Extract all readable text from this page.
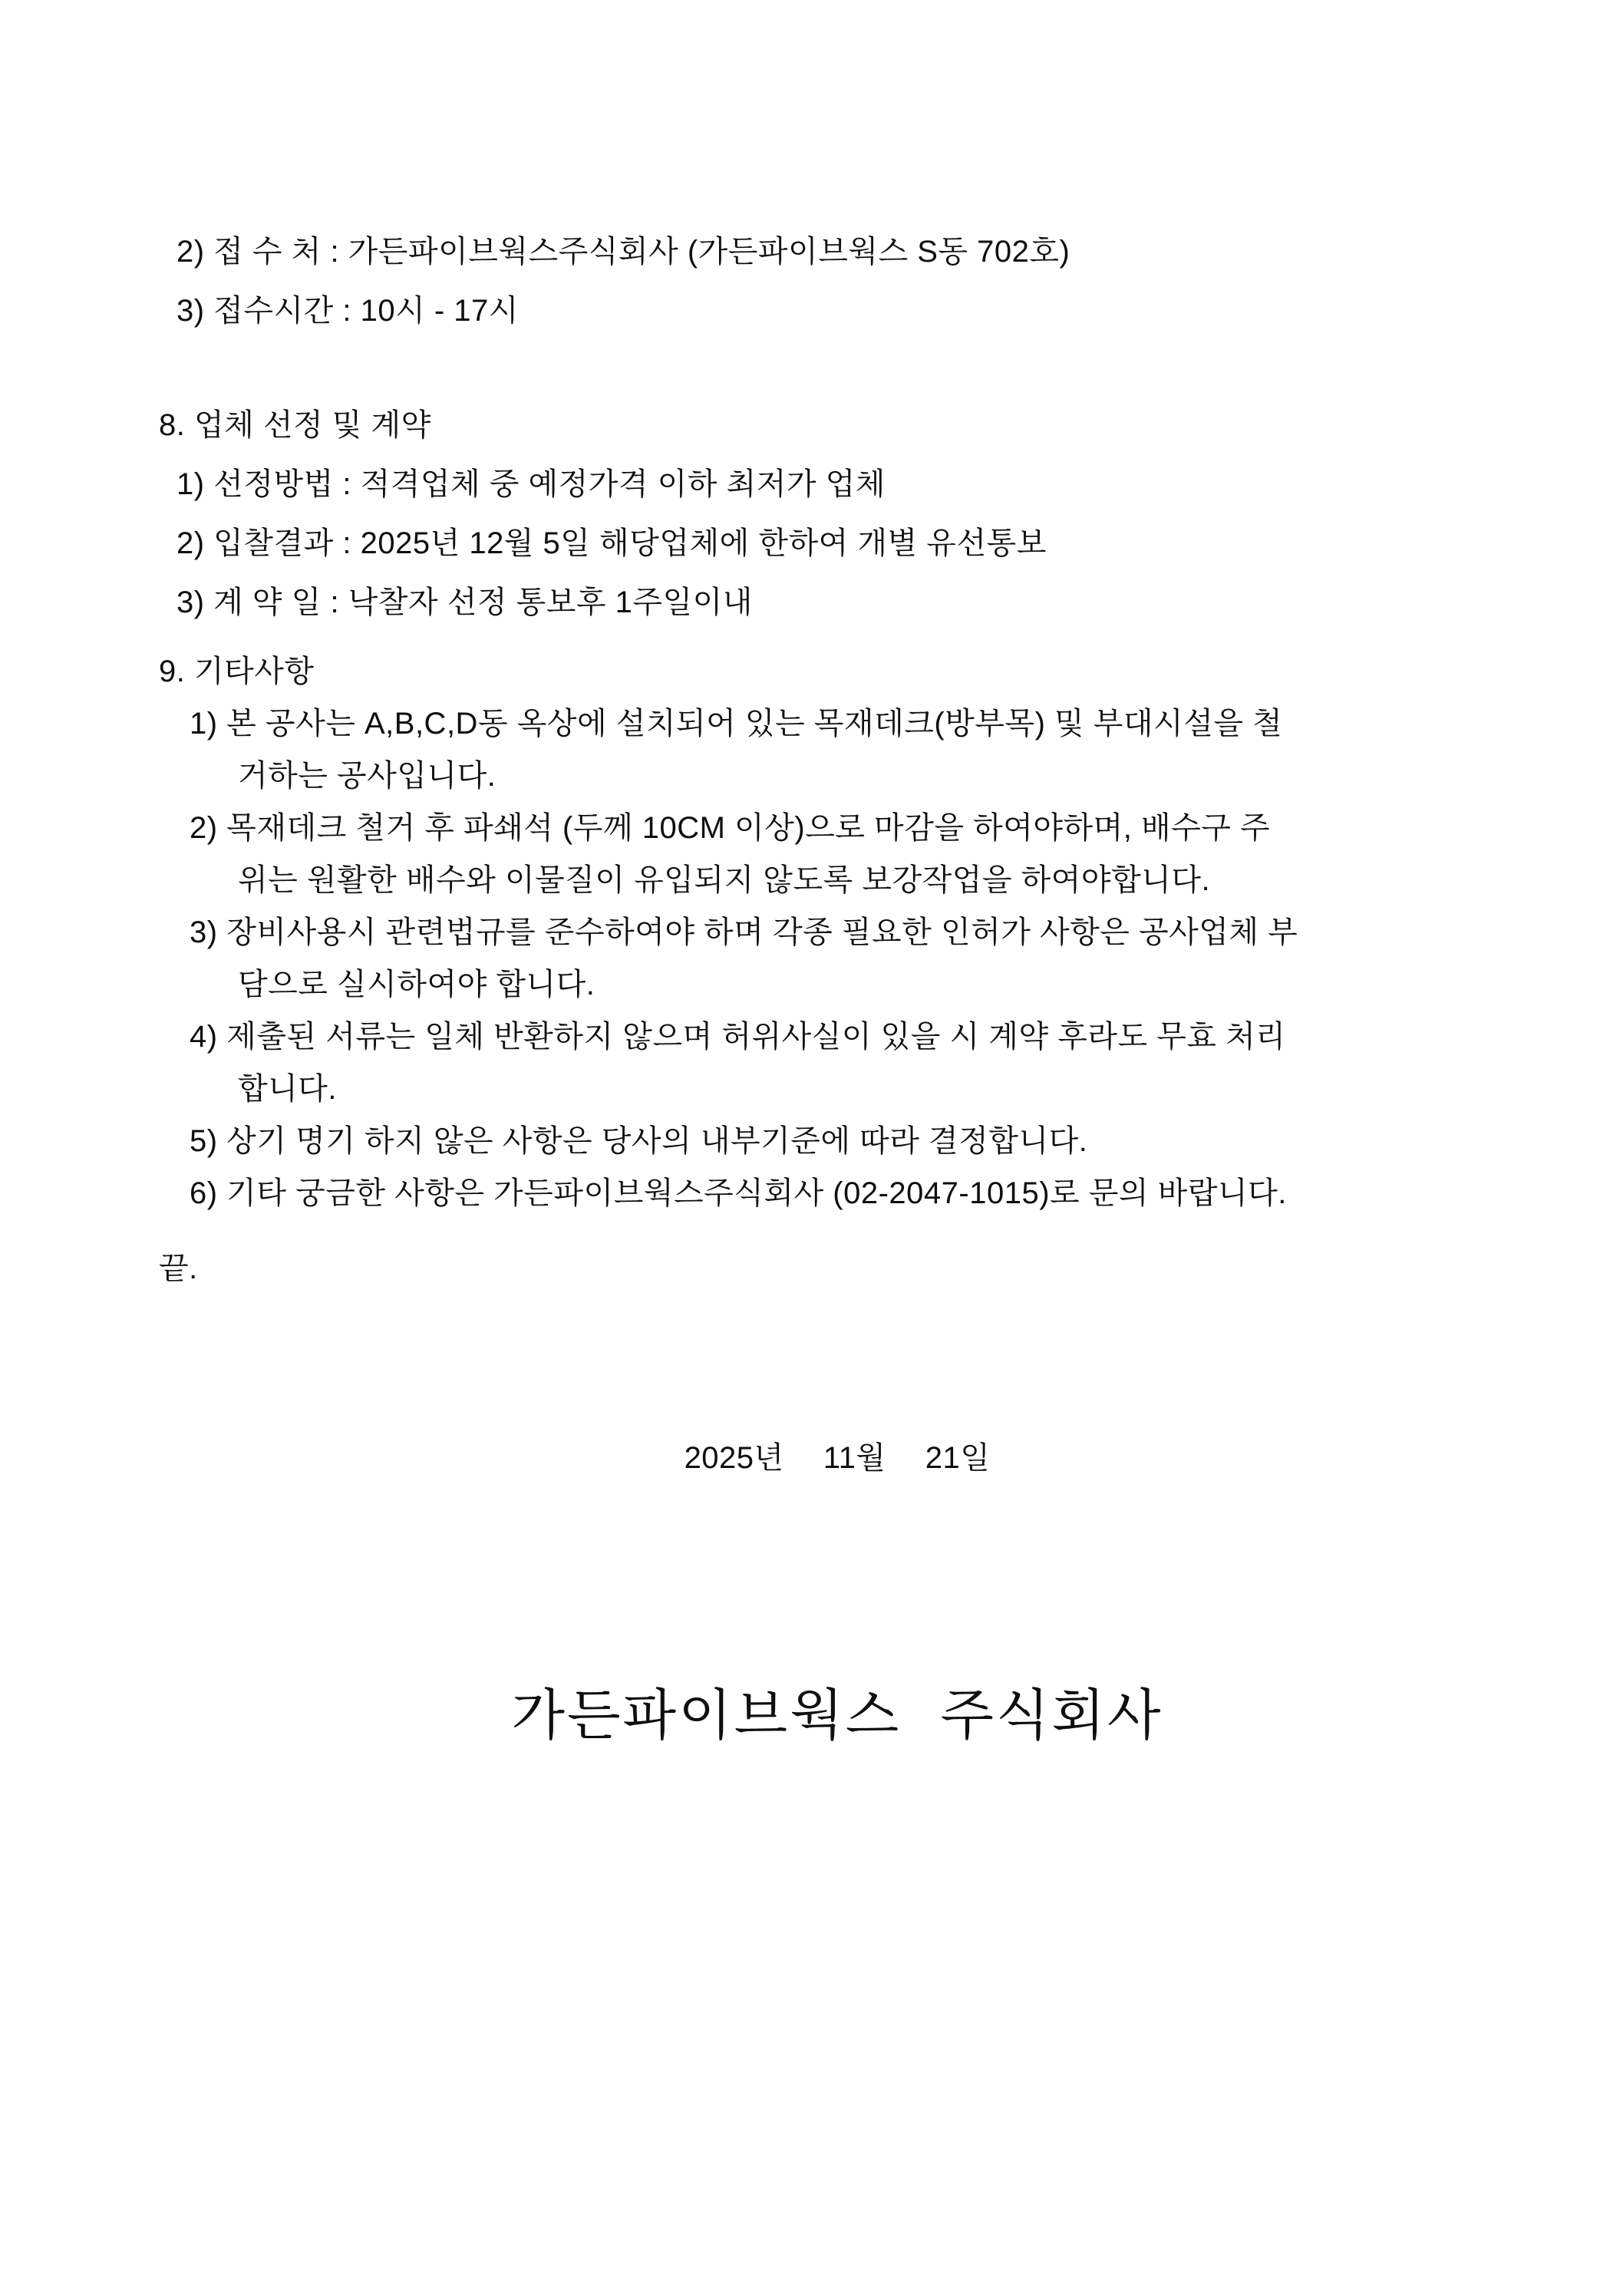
2) 접 수 처 : 가든파이브웍스주식회사 (가든파이브웍스 S동 702호)
3) 접수시간 : 10시 - 17시
8. 업체 선정 및 계약
1) 선정방법 : 적격업체 중 예정가격 이하 최저가 업체
2) 입찰결과 : 2025년 12월 5일 해당업체에 한하여 개별 유선통보
3) 계 약 일 : 낙찰자 선정 통보후 1주일이내
9. 기타사항
1) 본 공사는 A,B,C,D동 옥상에 설치되어 있는 목재데크(방부목) 및 부대시설을 철
거하는 공사입니다.
2) 목재데크 철거 후 파쇄석 (두께 10CM 이상)으로 마감을 하여야하며, 배수구 주
위는 원활한 배수와 이물질이 유입되지 않도록 보강작업을 하여야합니다.
3) 장비사용시 관련법규를 준수하여야 하며 각종 필요한 인허가 사항은 공사업체 부
담으로 실시하여야 합니다.
4) 제출된 서류는 일체 반환하지 않으며 허위사실이 있을 시 계약 후라도 무효 처리
합니다.
5) 상기 명기 하지 않은 사항은 당사의 내부기준에 따라 결정합니다.
6) 기타 궁금한 사항은 가든파이브웍스주식회사 (02-2047-1015)로 문의 바랍니다.
끝.
2025년  11월  21일
가든파이브웍스 주식회사
